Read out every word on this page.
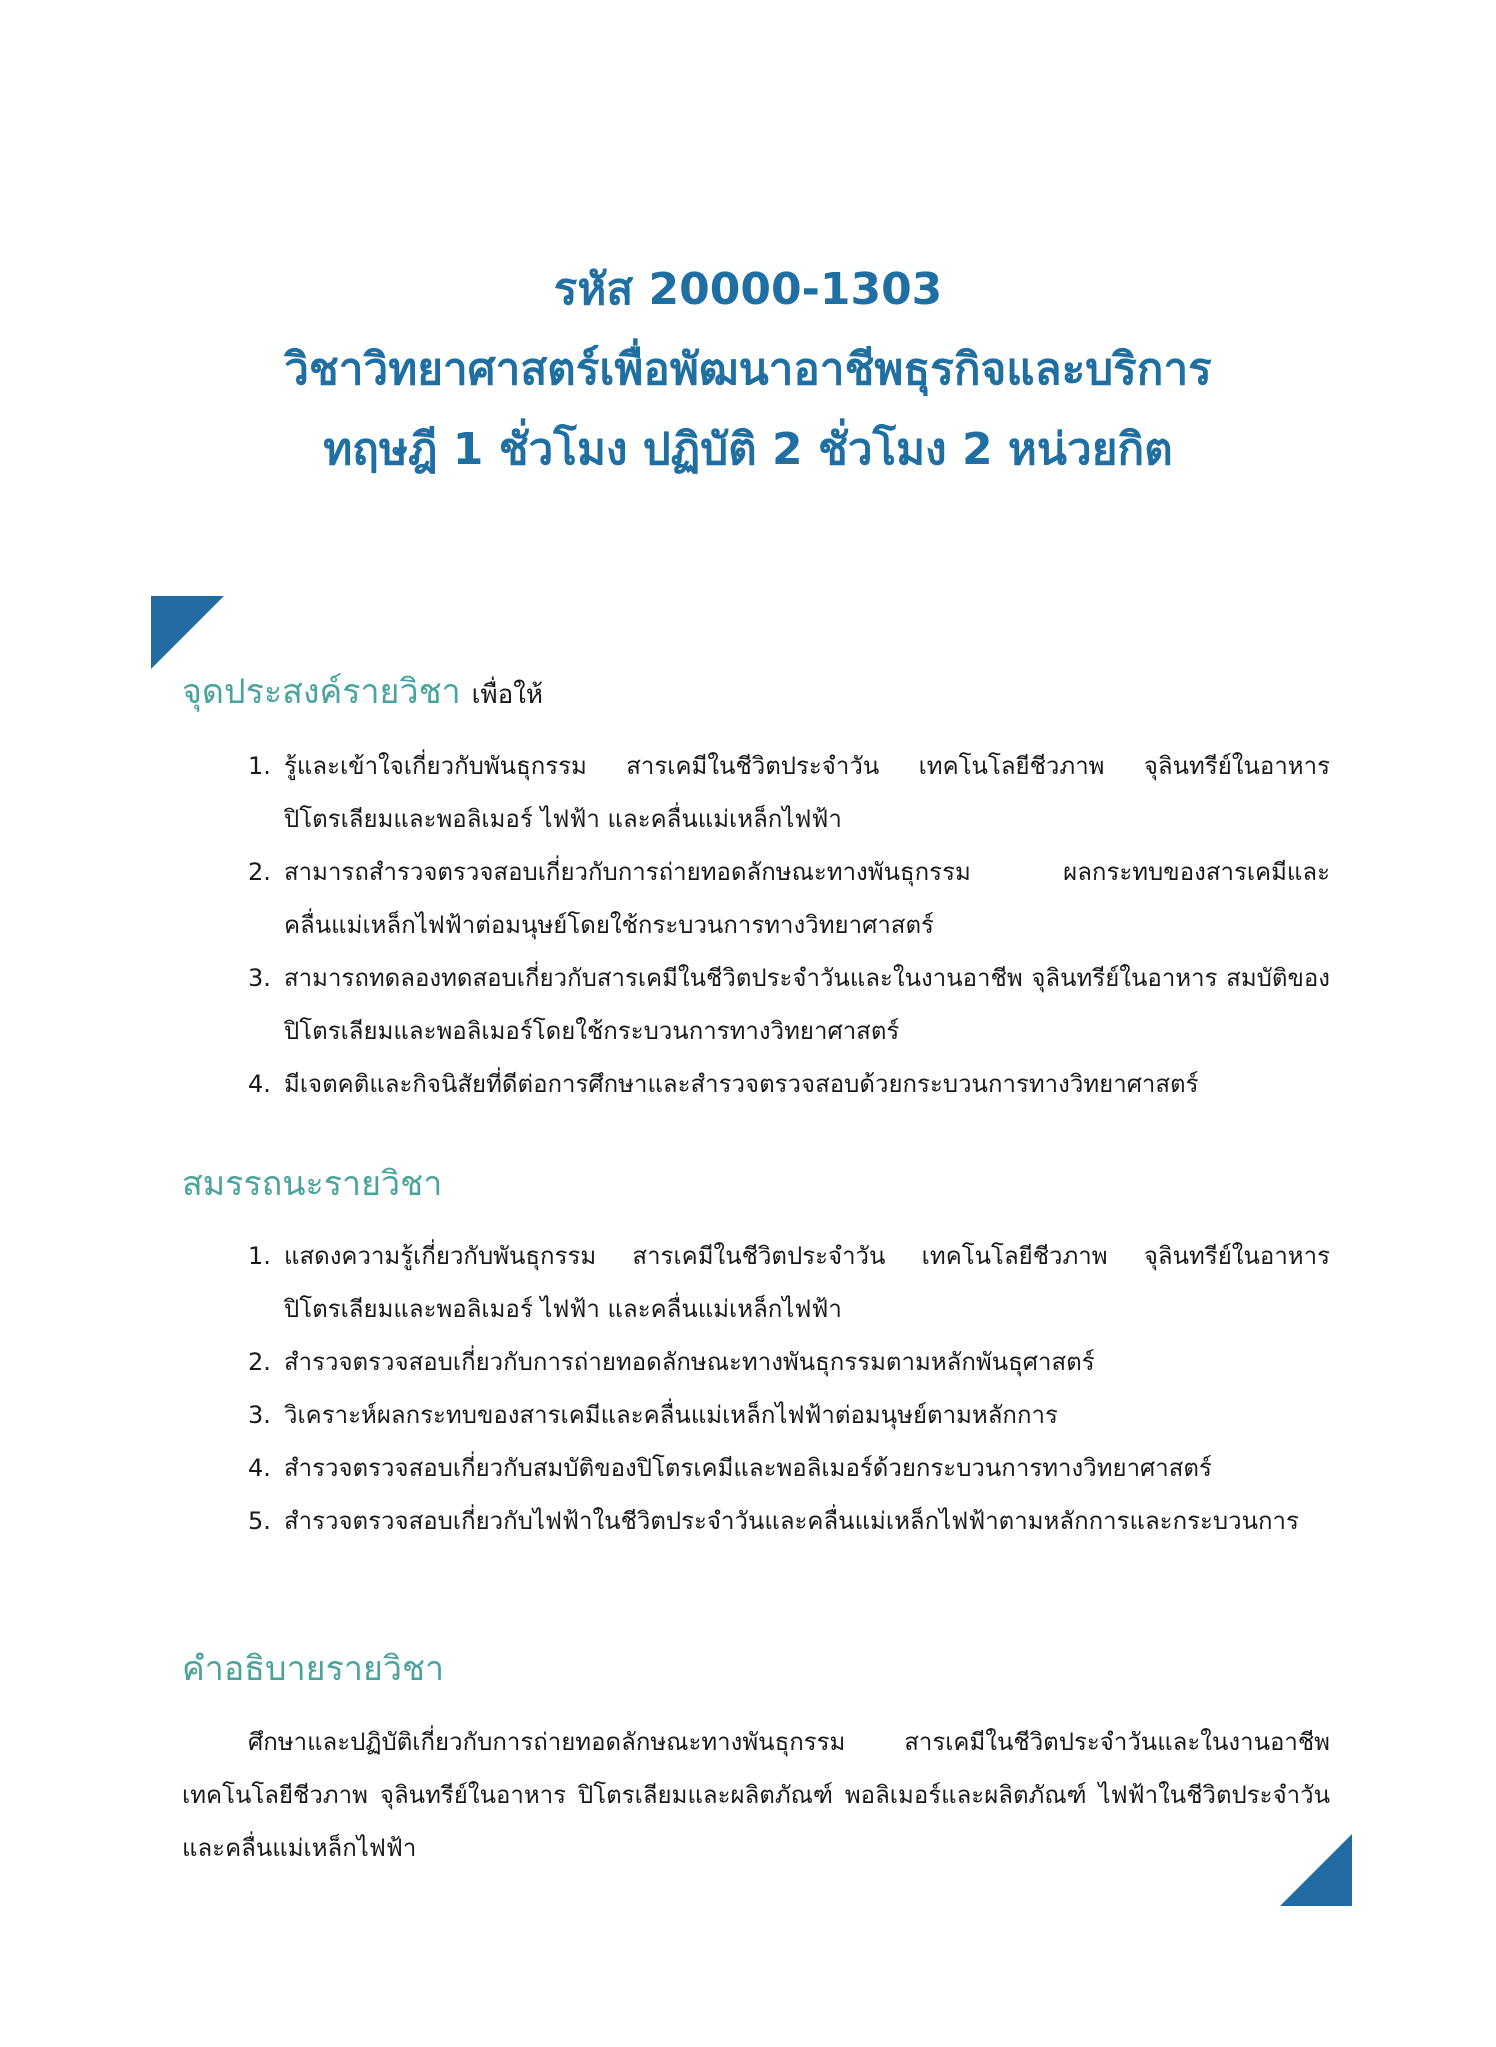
รหัส 20000-1303
วิชาวิทยาศาสตร์เพื่อพัฒนาอาชีพธุรกิจและบริการ
ทฤษฎี 1 ชั่วโมง ปฏิบัติ 2 ชั่วโมง 2 หน่วยกิต
จุดประสงค์รายวิชา เพื่อให้
1. รู้และเข้าใจเกี่ยวกับพันธุกรรม สารเคมีในชีวิตประจำวัน เทคโนโลยีชีวภาพ จุลินทรีย์ในอาหาร ปิโตรเลียมและพอลิเมอร์ ไฟฟ้า และคลื่นแม่เหล็กไฟฟ้า
2. สามารถสำรวจตรวจสอบเกี่ยวกับการถ่ายทอดลักษณะทางพันธุกรรม ผลกระทบของสารเคมีและคลื่นแม่เหล็กไฟฟ้าต่อมนุษย์โดยใช้กระบวนการทางวิทยาศาสตร์
3. สามารถทดลองทดสอบเกี่ยวกับสารเคมีในชีวิตประจำวันและในงานอาชีพ จุลินทรีย์ในอาหาร สมบัติของปิโตรเลียมและพอลิเมอร์โดยใช้กระบวนการทางวิทยาศาสตร์
4. มีเจตคติและกิจนิสัยที่ดีต่อการศึกษาและสำรวจตรวจสอบด้วยกระบวนการทางวิทยาศาสตร์
สมรรถนะรายวิชา
1. แสดงความรู้เกี่ยวกับพันธุกรรม สารเคมีในชีวิตประจำวัน เทคโนโลยีชีวภาพ จุลินทรีย์ในอาหาร ปิโตรเลียมและพอลิเมอร์ ไฟฟ้า และคลื่นแม่เหล็กไฟฟ้า
2. สำรวจตรวจสอบเกี่ยวกับการถ่ายทอดลักษณะทางพันธุกรรมตามหลักพันธุศาสตร์
3. วิเคราะห์ผลกระทบของสารเคมีและคลื่นแม่เหล็กไฟฟ้าต่อมนุษย์ตามหลักการ
4. สำรวจตรวจสอบเกี่ยวกับสมบัติของปิโตรเคมีและพอลิเมอร์ด้วยกระบวนการทางวิทยาศาสตร์
5. สำรวจตรวจสอบเกี่ยวกับไฟฟ้าในชีวิตประจำวันและคลื่นแม่เหล็กไฟฟ้าตามหลักการและกระบวนการ
คำอธิบายรายวิชา
ศึกษาและปฏิบัติเกี่ยวกับการถ่ายทอดลักษณะทางพันธุกรรม สารเคมีในชีวิตประจำวันและในงานอาชีพ เทคโนโลยีชีวภาพ จุลินทรีย์ในอาหาร ปิโตรเลียมและผลิตภัณฑ์ พอลิเมอร์และผลิตภัณฑ์ ไฟฟ้าในชีวิตประจำวัน และคลื่นแม่เหล็กไฟฟ้า
